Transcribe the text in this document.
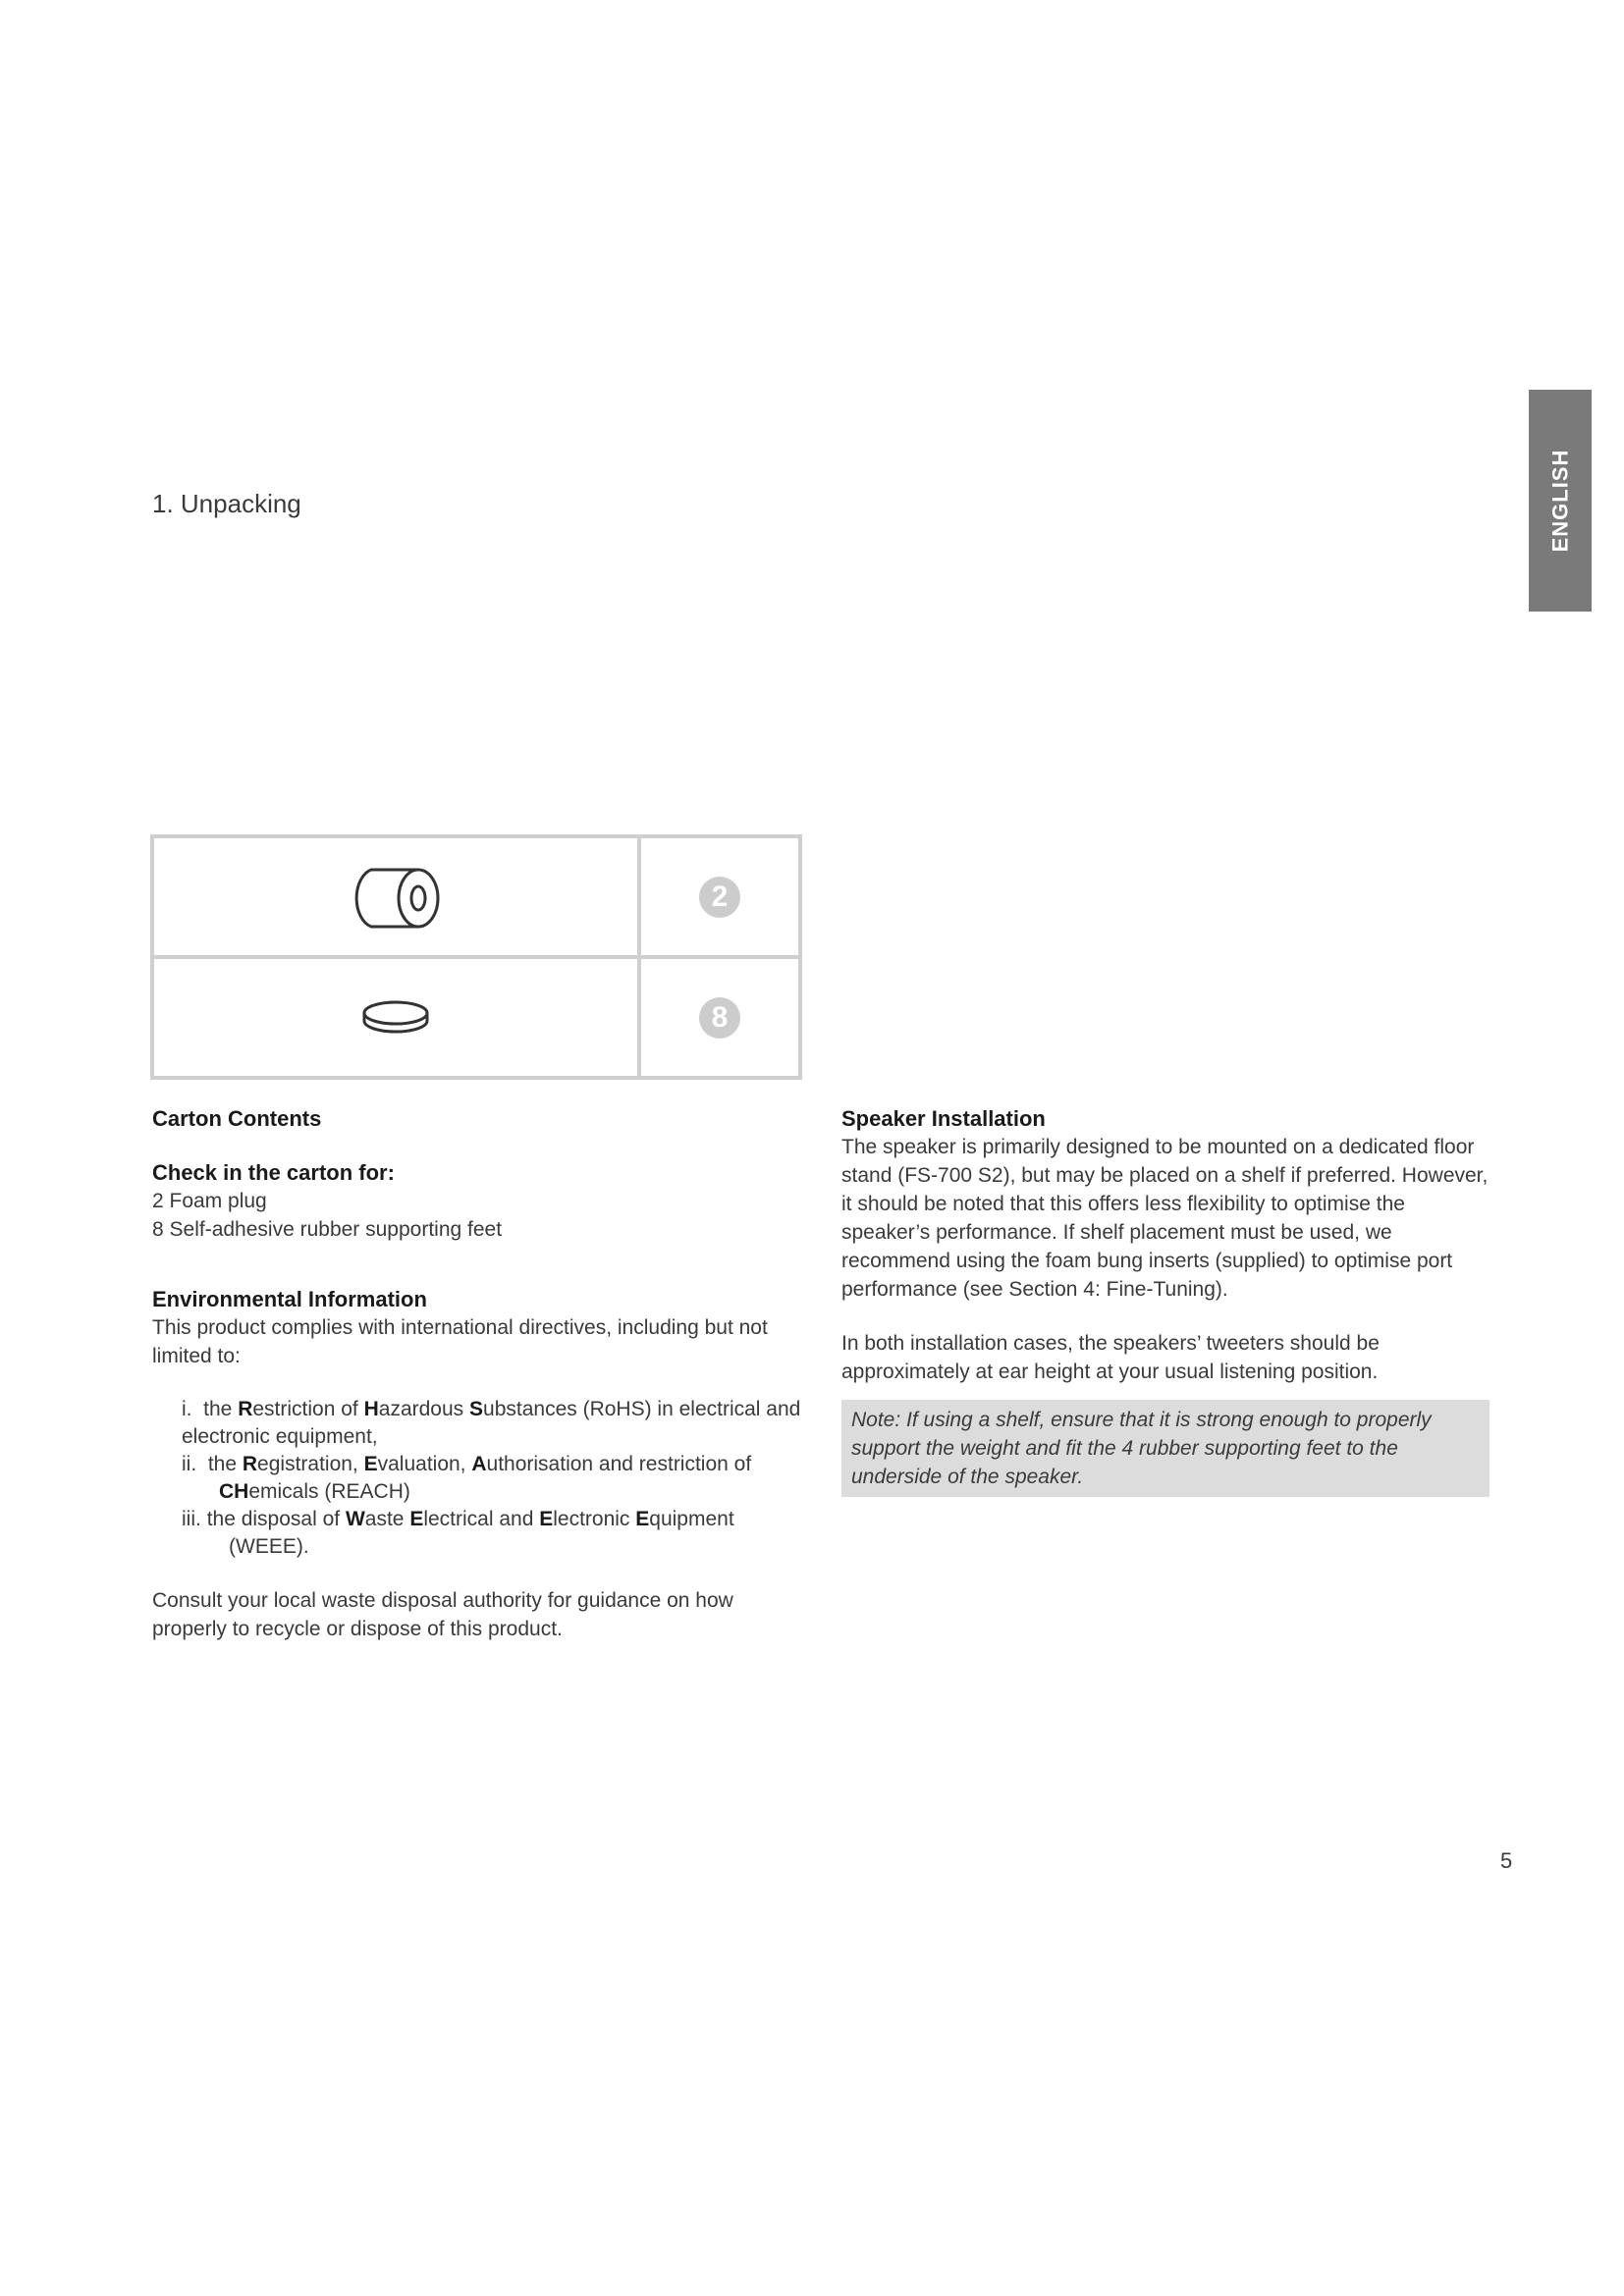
ENGLISH
1. Unpacking
2
8

Carton Contents

Check in the carton for:

2 Foam plug

8 Self-adhesive rubber supporting feet

Environmental Information

This product complies with international directives, including but not limited to:

i. the Restriction of Hazardous Substances (RoHS) in electrical and electronic equipment,
ii. the Registration, Evaluation, Authorisation and restriction of
CHemicals (REACH)
iii. the disposal of Waste Electrical and Electronic Equipment
(WEEE).

Consult your local waste disposal authority for guidance on how properly to recycle or dispose of this product.

Speaker Installation

The speaker is primarily designed to be mounted on a dedicated floor stand (FS-700 S2), but may be placed on a shelf if preferred. However, it should be noted that this offers less flexibility to optimise the speaker’s performance. If shelf placement must be used, we recommend using the foam bung inserts (supplied) to optimise port performance (see Section 4: Fine-Tuning).

In both installation cases, the speakers’ tweeters should be approximately at ear height at your usual listening position.

Note: If using a shelf, ensure that it is strong enough to properly support the weight and fit the 4 rubber supporting feet to the underside of the speaker.
5
